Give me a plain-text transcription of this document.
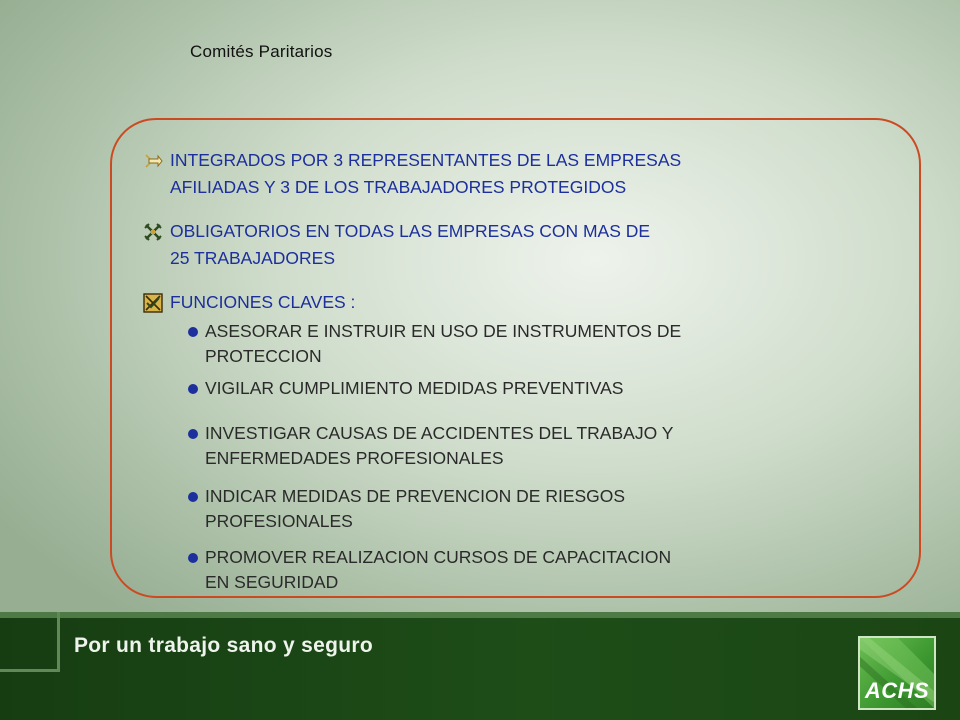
Comités Paritarios
INTEGRADOS POR 3 REPRESENTANTES DE LAS EMPRESAS
AFILIADAS Y 3 DE LOS TRABAJADORES PROTEGIDOS
OBLIGATORIOS EN TODAS LAS EMPRESAS CON MAS DE
25 TRABAJADORES
FUNCIONES CLAVES :
ASESORAR E INSTRUIR EN USO DE INSTRUMENTOS DE
PROTECCION
VIGILAR CUMPLIMIENTO MEDIDAS PREVENTIVAS
INVESTIGAR CAUSAS DE ACCIDENTES DEL TRABAJO Y
ENFERMEDADES PROFESIONALES
INDICAR MEDIDAS DE PREVENCION DE RIESGOS
PROFESIONALES
PROMOVER REALIZACION CURSOS DE CAPACITACION
EN SEGURIDAD
Por un trabajo sano y seguro
ACHS
